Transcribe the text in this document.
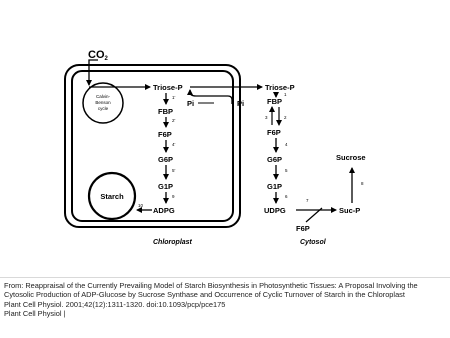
CO2
Calvin-
Benson
cycle
Triose-P
FBP
F6P
G6P
G1P
ADPG
1'
2'
4'
5'
9
10
Starch
Pi	Pi
Triose-P
FBP
F6P
G6P
G1P
UDPG
1
3	2
4
5
6
7
8
F6P
Suc-P
Sucrose
Chloroplast	Cytosol
From: Reappraisal of the Currently Prevailing Model of Starch Biosynthesis in Photosynthetic Tissues: A Proposal Involving the Cytosolic Production of ADP-Glucose by Sucrose Synthase and Occurrence of Cyclic Turnover of Starch in the Chloroplast
Plant Cell Physiol. 2001;42(12):1311-1320. doi:10.1093/pcp/pce175
Plant Cell Physiol |
